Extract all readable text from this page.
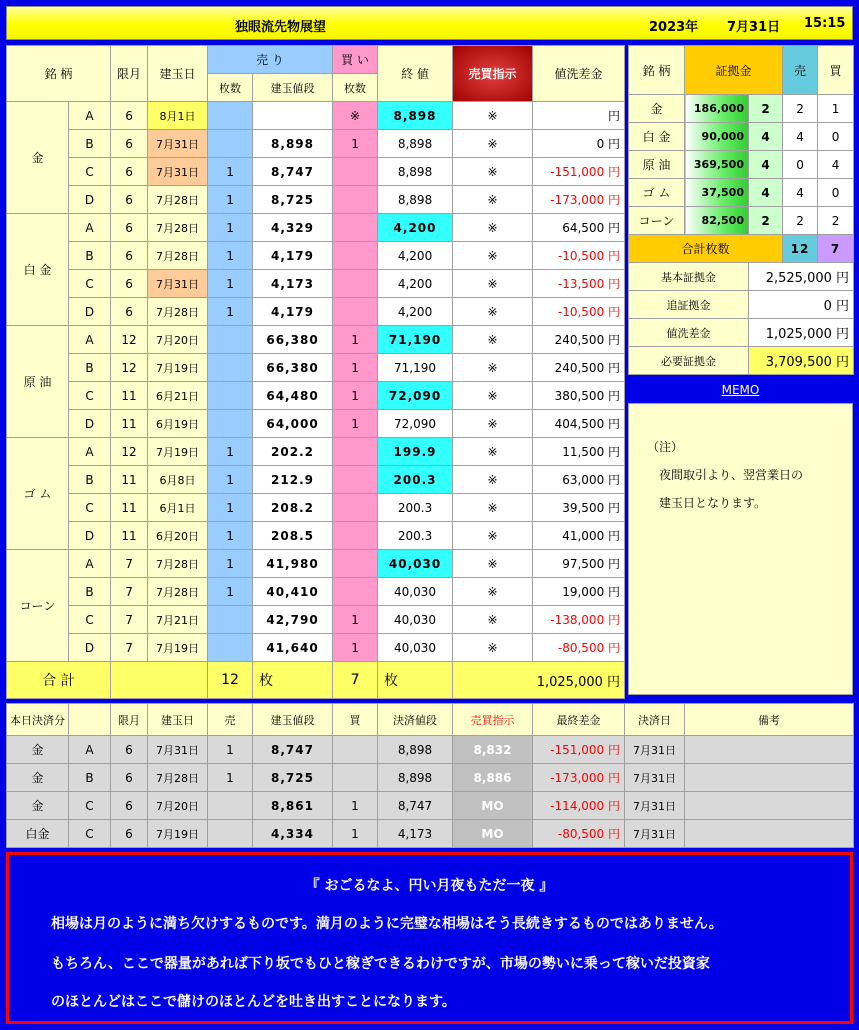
独眼流先物展望	2023年 7月31日 15:15
銘 柄		限月	建玉日	売 り		買 い	終 値	売買指示	値洗差金
				枚数	建玉値段	枚数			
金	A	6	8月1日			※	8,898	※	円
	B	6	7月31日		8,898	1	8,898	※	0 円
	C	6	7月31日	1	8,747		8,898	※	-151,000 円
	D	6	7月28日	1	8,725		8,898	※	-173,000 円
白 金	A	6	7月28日	1	4,329		4,200	※	64,500 円
	B	6	7月28日	1	4,179		4,200	※	-10,500 円
	C	6	7月31日	1	4,173		4,200	※	-13,500 円
	D	6	7月28日	1	4,179		4,200	※	-10,500 円
原 油	A	12	7月20日		66,380	1	71,190	※	240,500 円
	B	12	7月19日		66,380	1	71,190	※	240,500 円
	C	11	6月21日		64,480	1	72,090	※	380,500 円
	D	11	6月19日		64,000	1	72,090	※	404,500 円
ゴ ム	A	12	7月19日	1	202.2		199.9	※	11,500 円
	B	11	6月8日	1	212.9		200.3	※	63,000 円
	C	11	6月1日	1	208.2		200.3	※	39,500 円
	D	11	6月20日	1	208.5		200.3	※	41,000 円
コーン	A	7	7月28日	1	41,980		40,030	※	97,500 円
	B	7	7月28日	1	40,410		40,030	※	19,000 円
	C	7	7月21日		42,790	1	40,030	※	-138,000 円
	D	7	7月19日		41,640	1	40,030	※	-80,500 円
合 計				12	枚	7	枚	1,025,000 円	
銘 柄	証拠金		売	買
金	186,000	2	2	1
白 金	90,000	4	4	0
原 油	369,500	4	0	4
ゴ ム	37,500	4	4	0
コーン	82,500	2	2	2
合計枚数			12	7
基本証拠金		2,525,000 円		
追証拠金		0 円		
値洗差金		1,025,000 円		
必要証拠金		3,709,500 円		
MEMO
（注）
夜間取引より、翌営業日の
建玉日となります。
本日決済分		限月	建玉日	売	建玉値段	買	決済値段	売買指示	最終差金	決済日	備考
金	A	6	7月31日	1	8,747		8,898	8,832	-151,000 円	7月31日	
金	B	6	7月28日	1	8,725		8,898	8,886	-173,000 円	7月31日	
金	C	6	7月20日		8,861	1	8,747	MO	-114,000 円	7月31日	
白金	C	6	7月19日		4,334	1	4,173	MO	-80,500 円	7月31日	
『 おごるなよ、円い月夜もただ一夜 』
相場は月のように満ち欠けするものです。満月のように完璧な相場はそう長続きするものではありません。
もちろん、ここで器量があれば下り坂でもひと稼ぎできるわけですが、市場の勢いに乗って稼いだ投資家
のほとんどはここで儲けのほとんどを吐き出すことになります。
